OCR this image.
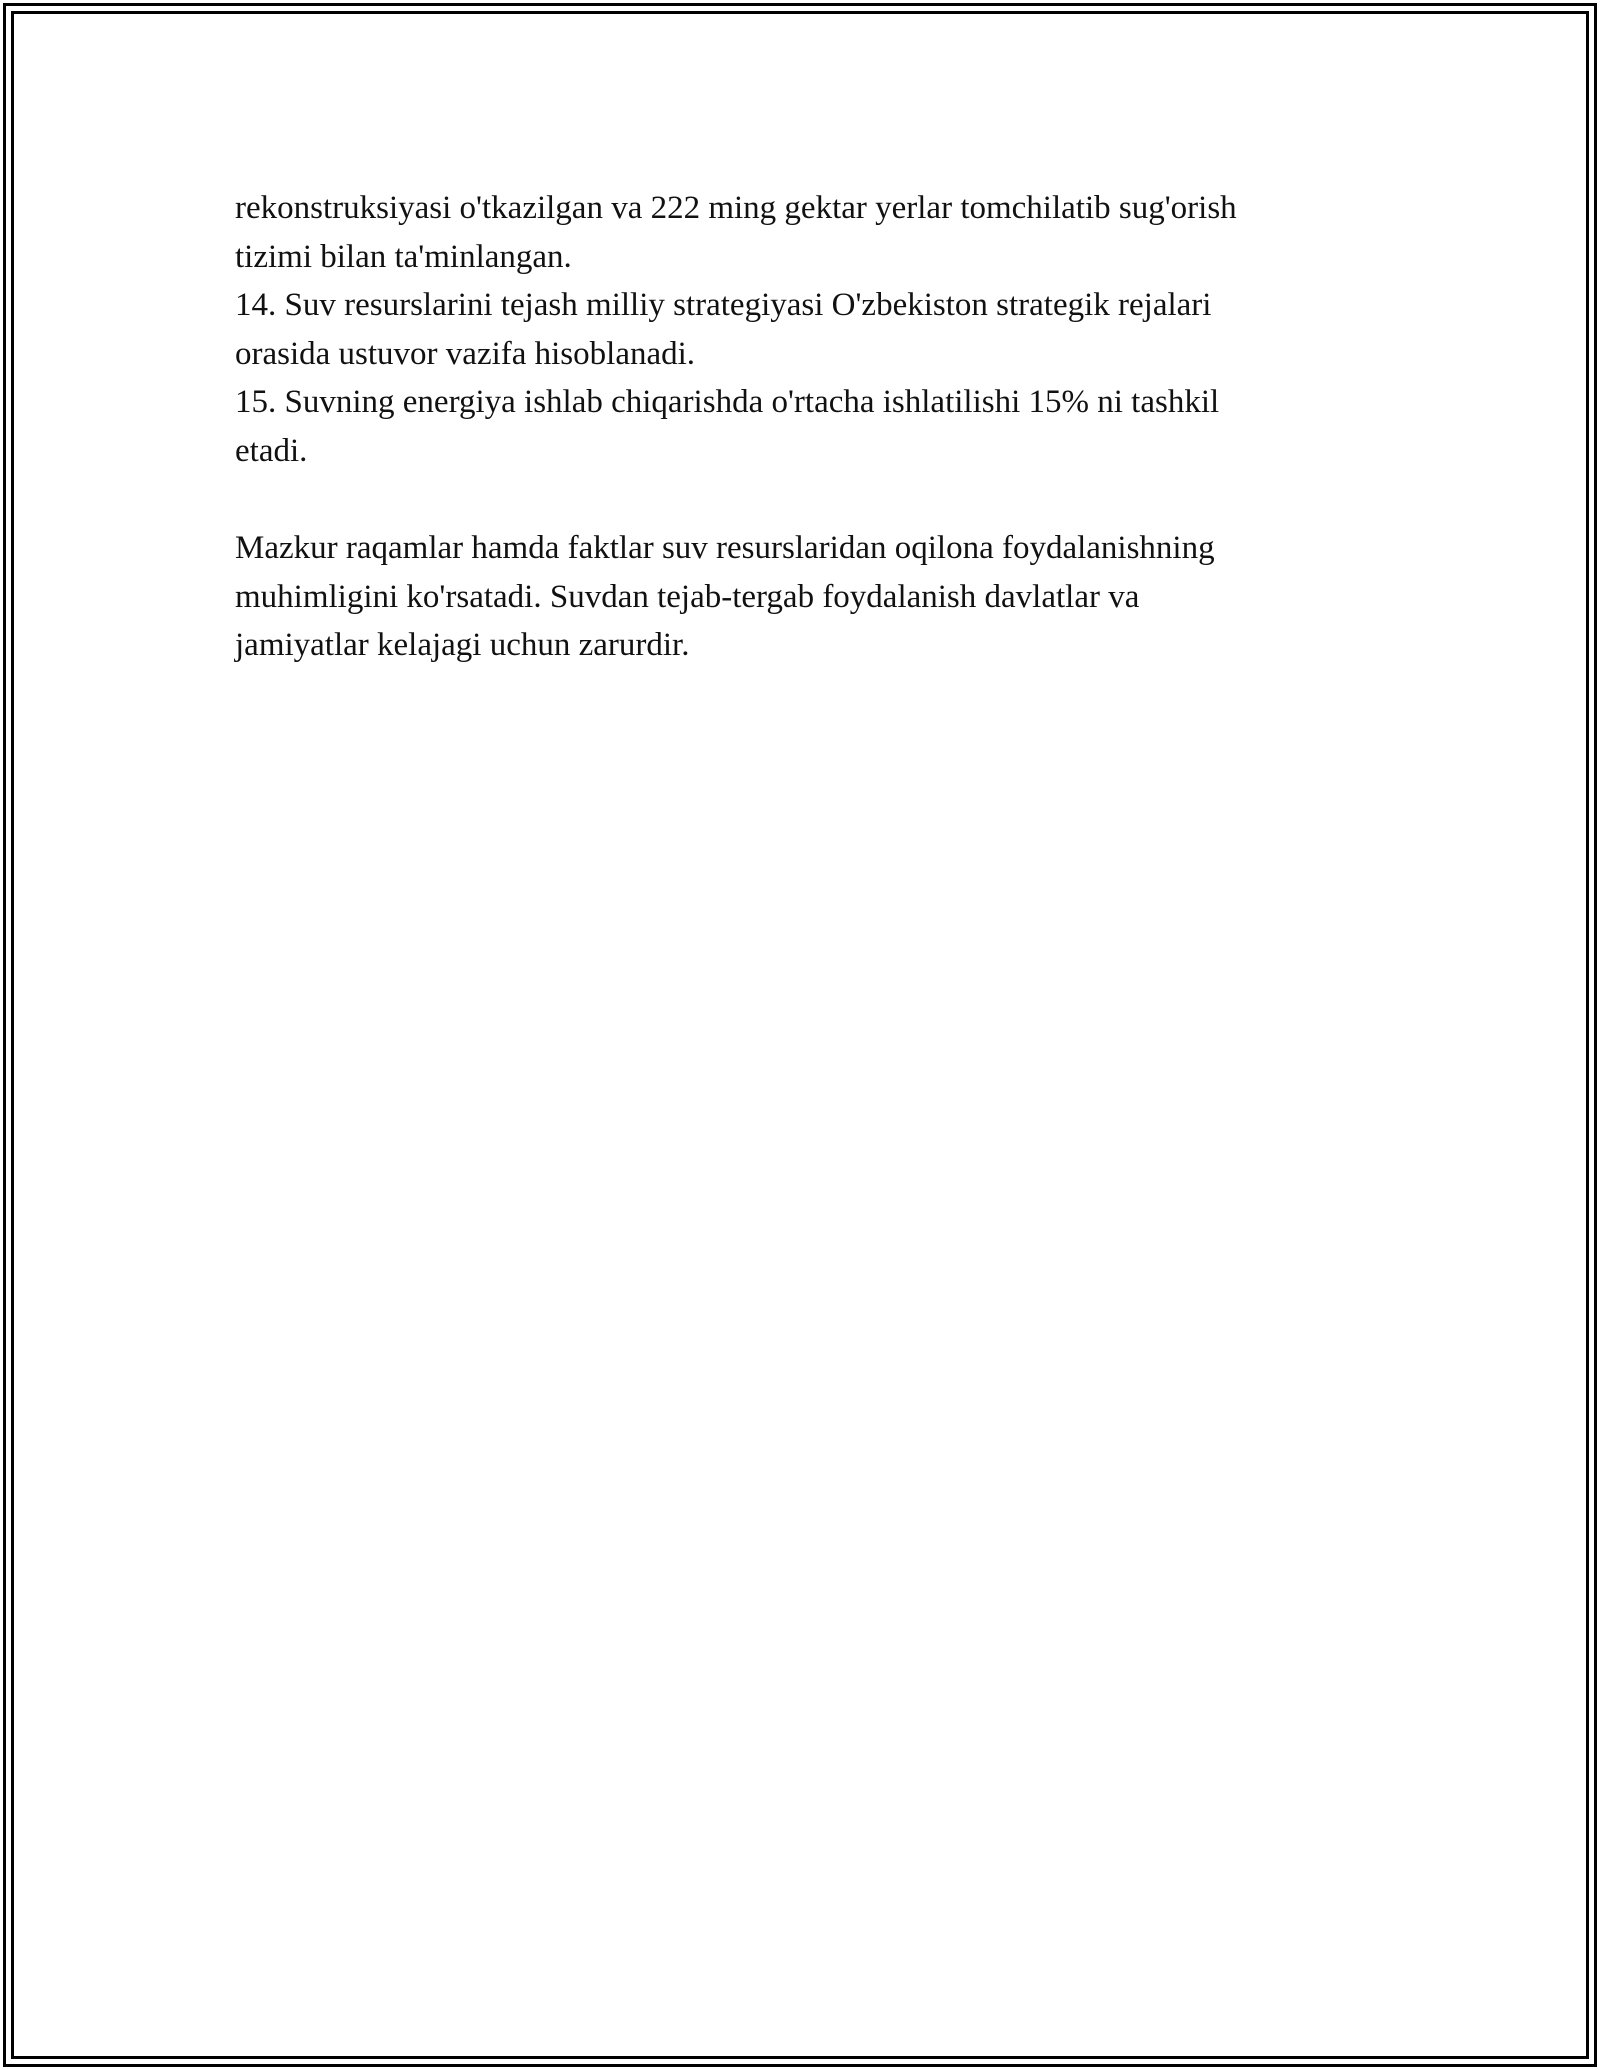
rekonstruksiyasi o'tkazilgan va 222 ming gektar yerlar tomchilatib sug'orish
tizimi bilan ta'minlangan.

14. Suv resurslarini tejash milliy strategiyasi O'zbekiston strategik rejalari
orasida ustuvor vazifa hisoblanadi.

15. Suvning energiya ishlab chiqarishda o'rtacha ishlatilishi 15% ni tashkil
etadi.

Mazkur raqamlar hamda faktlar suv resurslaridan oqilona foydalanishning
muhimligini ko'rsatadi. Suvdan tejab-tergab foydalanish davlatlar va
jamiyatlar kelajagi uchun zarurdir.
